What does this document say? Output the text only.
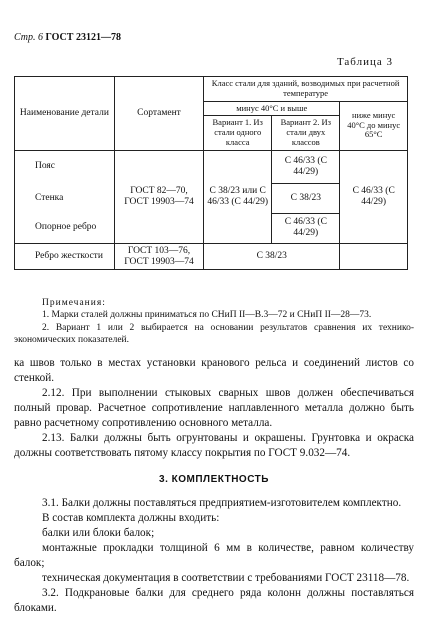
Стр. 6 ГОСТ 23121—78
Таблица 3
Наименование детали	Сортамент	Класс стали для зданий, возводимых при расчетной температуре		
		минус 40°С и выше		ниже минус 40°С до минус 65°С
		Вариант 1. Из стали одного класса	Вариант 2. Из стали двух классов	
Пояс	ГОСТ 82—70, ГОСТ 19903—74	С 38/23 или С 46/33 (С 44/29)	С 46/33 (С 44/29)	С 46/33 (С 44/29)
Стенка			С 38/23	
Опорное ребро			С 46/33 (С 44/29)	
Ребро жесткости	ГОСТ 103—76, ГОСТ 19903—74	С 38/23		

Примечания:

1. Марки сталей должны приниматься по СНиП II—В.3—72 и СНиП II—28—73.

2. Вариант 1 или 2 выбирается на основании результатов сравнения их технико-экономических показателей.

ка швов только в местах установки кранового рельса и соединений листов со стенкой.

2.12. При выполнении стыковых сварных швов должен обеспечиваться полный провар. Расчетное сопротивление наплавленного металла должно быть равно расчетному сопротивлению основного металла.

2.13. Балки должны быть огрунтованы и окрашены. Грунтовка и окраска должны соответствовать пятому классу покрытия по ГОСТ 9.032—74.

3. КОМПЛЕКТНОСТЬ

3.1. Балки должны поставляться предприятием-изготовителем комплектно.

В состав комплекта должны входить:

балки или блоки балок;

монтажные прокладки толщиной 6 мм в количестве, равном количеству балок;

техническая документация в соответствии с требованиями ГОСТ 23118—78.

3.2. Подкрановые балки для среднего ряда колонн должны поставляться блоками.
